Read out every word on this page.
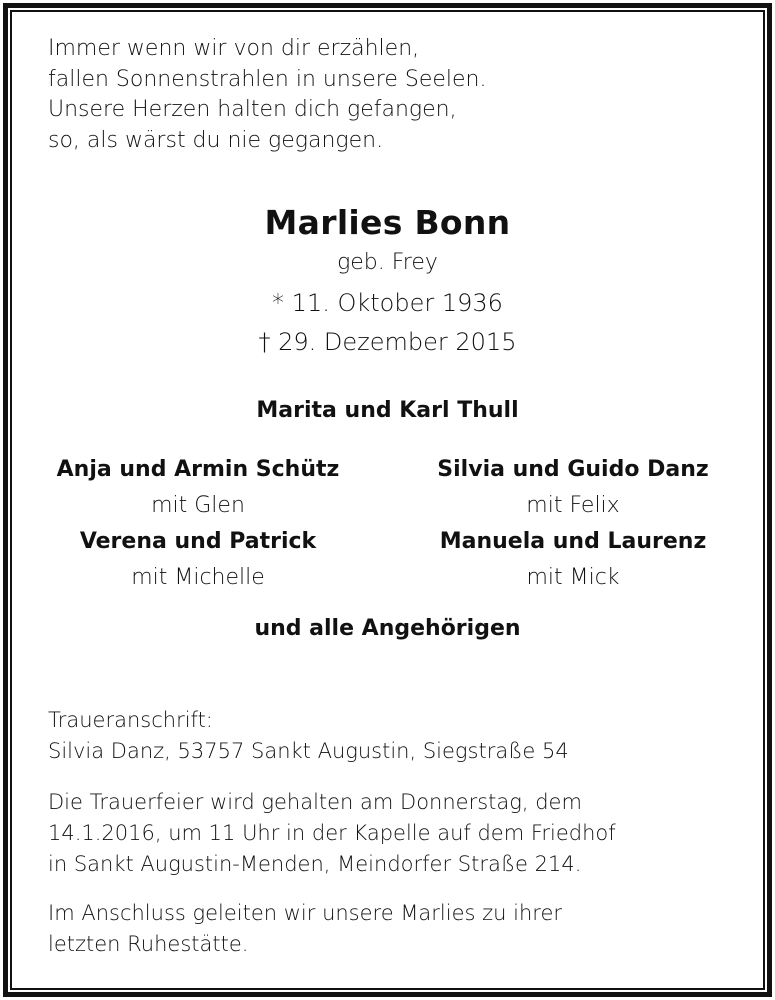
Immer wenn wir von dir erzählen,
fallen Sonnenstrahlen in unsere Seelen.
Unsere Herzen halten dich gefangen,
so, als wärst du nie gegangen.
Marlies Bonn
geb. Frey
* 11. Oktober 1936
† 29. Dezember 2015
Marita und Karl Thull
Anja und Armin Schütz
mit Glen
Verena und Patrick
mit Michelle
Silvia und Guido Danz
mit Felix
Manuela und Laurenz
mit Mick
und alle Angehörigen
Traueranschrift:
Silvia Danz, 53757 Sankt Augustin, Siegstraße 54
Die Trauerfeier wird gehalten am Donnerstag, dem
14.1.2016, um 11 Uhr in der Kapelle auf dem Friedhof
in Sankt Augustin-Menden, Meindorfer Straße 214.
Im Anschluss geleiten wir unsere Marlies zu ihrer
letzten Ruhestätte.
